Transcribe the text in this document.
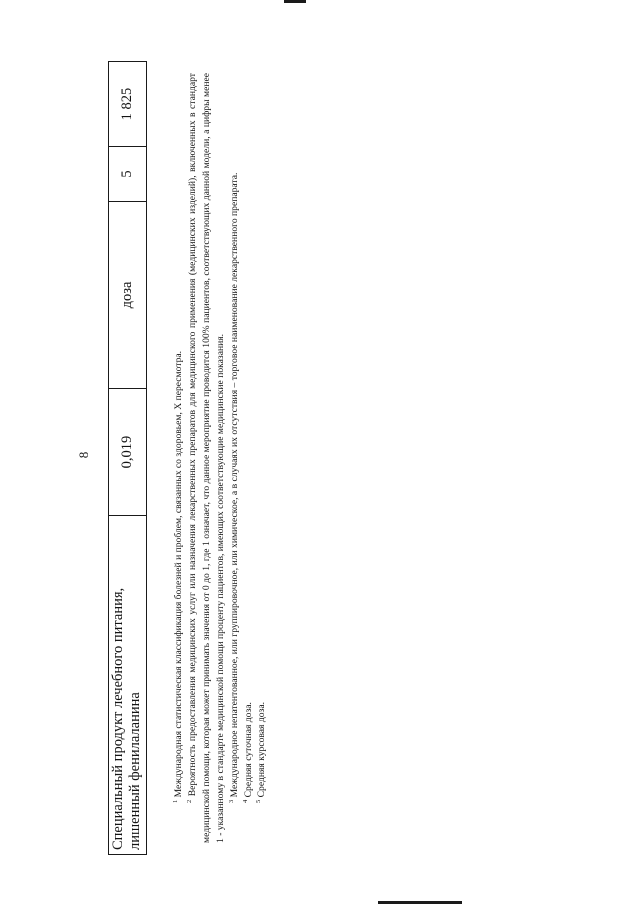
8
Специальный продукт лечебного питания, лишенный фенилаланина	0,019	доза	5	1 825

$^1$ Международная статистическая классификация болезней и проблем, связанных со здоровьем, X пересмотра.

$^2$ Вероятность предоставления медицинских услуг или назначения лекарственных препаратов для медицинского применения (медицинских изделий), включенных в стандарт медицинской помощи, которая может принимать значения от 0 до 1, где 1 означает, что данное мероприятие проводится 100% пациентов, соответствующих данной модели, а цифры менее 1 - указанному в стандарте медицинской помощи проценту пациентов, имеющих соответствующие медицинские показания. $^3$ Международное непатентованное, или группировочное, или химическое, а в случаях их отсутствия – торговое наименование лекарственного препарата.

$^4$ Средняя суточная доза.

$^5$ Средняя курсовая доза.
